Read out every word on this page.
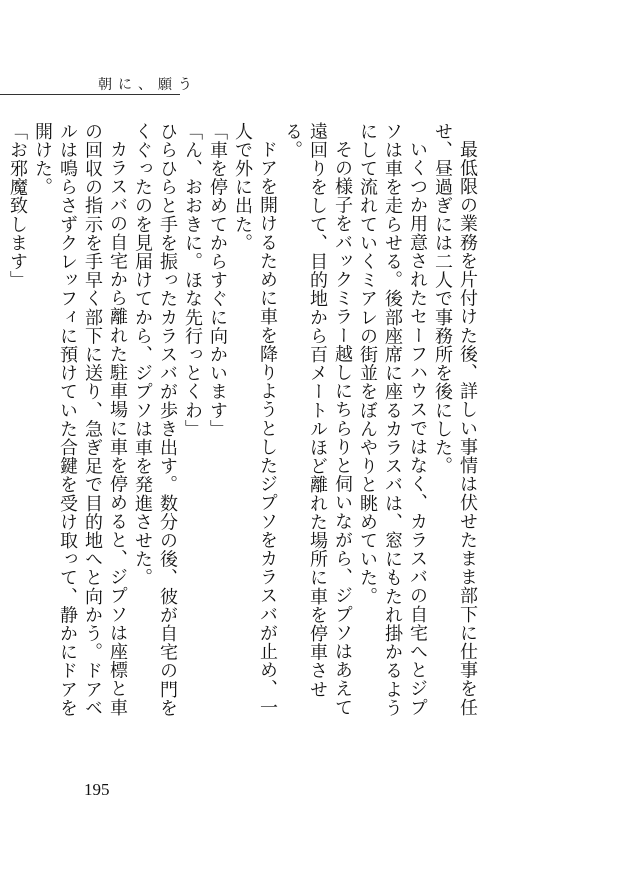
朝に、願う

最低限の業務を片付けた後、詳しい事情は伏せたまま部下に仕事を任せ、昼過ぎには二人で事務所を後にした。

いくつか用意されたセーフハウスではなく、カラスバの自宅へとジプソは車を走らせる。後部座席に座るカラスバは、窓にもたれ掛かるようにして流れていくミアレの街並をぼんやりと眺めていた。

その様子をバックミラー越しにちらりと伺いながら、ジプソはあえて遠回りをして、目的地から百メートルほど離れた場所に車を停車させる。

ドアを開けるために車を降りようとしたジプソをカラスバが止め、一人で外に出た。

「車を停めてからすぐに向かいます」

「ん、おおきに。ほな先行っとくわ」

ひらひらと手を振ったカラスバが歩き出す。数分の後、彼が自宅の門をくぐったのを見届けてから、ジプソは車を発進させた。

カラスバの自宅から離れた駐車場に車を停めると、ジプソは座標と車の回収の指示を手早く部下に送り、急ぎ足で目的地へと向かう。ドアベルは鳴らさずクレッフィに預けていた合鍵を受け取って、静かにドアを開けた。

「お邪魔致します」

195
